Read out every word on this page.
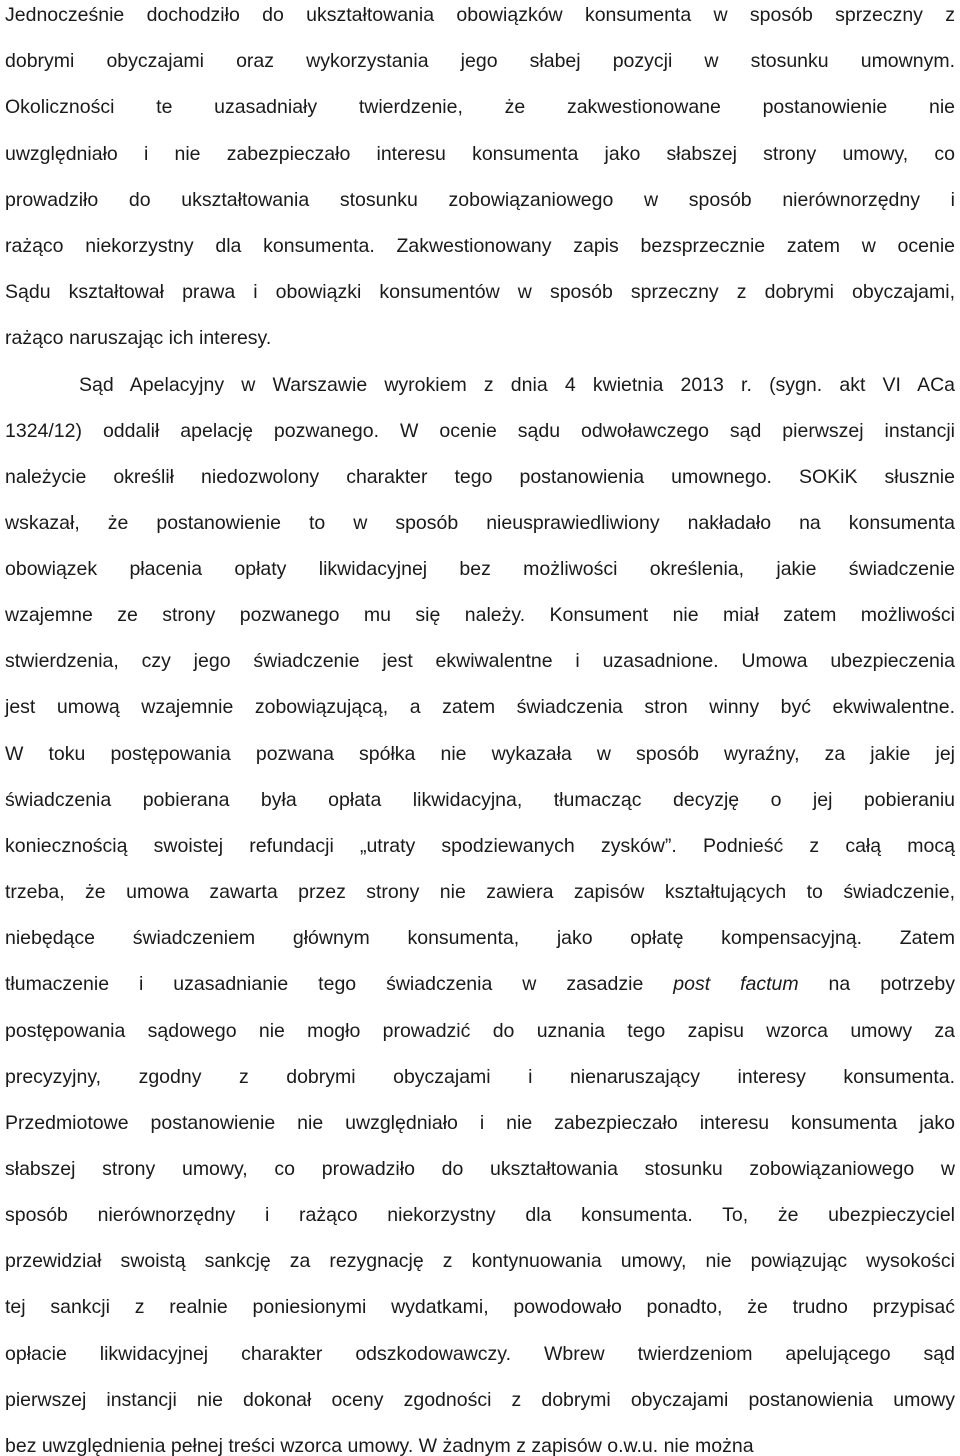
Jednocześnie dochodziło do ukształtowania obowiązków konsumenta w sposób sprzeczny z
dobrymi obyczajami oraz wykorzystania jego słabej pozycji w stosunku umownym.
Okoliczności te uzasadniały twierdzenie, że zakwestionowane postanowienie nie
uwzględniało i nie zabezpieczało interesu konsumenta jako słabszej strony umowy, co
prowadziło do ukształtowania stosunku zobowiązaniowego w sposób nierównorzędny i
rażąco niekorzystny dla konsumenta. Zakwestionowany zapis bezsprzecznie zatem w ocenie
Sądu kształtował prawa i obowiązki konsumentów w sposób sprzeczny z dobrymi obyczajami,
rażąco naruszając ich interesy.
Sąd Apelacyjny w Warszawie wyrokiem z dnia 4 kwietnia 2013 r. (sygn. akt VI ACa
1324/12) oddalił apelację pozwanego. W ocenie sądu odwoławczego sąd pierwszej instancji
należycie określił niedozwolony charakter tego postanowienia umownego. SOKiK słusznie
wskazał, że postanowienie to w sposób nieusprawiedliwiony nakładało na konsumenta
obowiązek płacenia opłaty likwidacyjnej bez możliwości określenia, jakie świadczenie
wzajemne ze strony pozwanego mu się należy. Konsument nie miał zatem możliwości
stwierdzenia, czy jego świadczenie jest ekwiwalentne i uzasadnione. Umowa ubezpieczenia
jest umową wzajemnie zobowiązującą, a zatem świadczenia stron winny być ekwiwalentne.
W toku postępowania pozwana spółka nie wykazała w sposób wyraźny, za jakie jej
świadczenia pobierana była opłata likwidacyjna, tłumacząc decyzję o jej pobieraniu
koniecznością swoistej refundacji „utraty spodziewanych zysków”. Podnieść z całą mocą
trzeba, że umowa zawarta przez strony nie zawiera zapisów kształtujących to świadczenie,
niebędące świadczeniem głównym konsumenta, jako opłatę kompensacyjną. Zatem
tłumaczenie i uzasadnianie tego świadczenia w zasadzie post factum na potrzeby
postępowania sądowego nie mogło prowadzić do uznania tego zapisu wzorca umowy za
precyzyjny, zgodny z dobrymi obyczajami i nienaruszający interesy konsumenta.
Przedmiotowe postanowienie nie uwzględniało i nie zabezpieczało interesu konsumenta jako
słabszej strony umowy, co prowadziło do ukształtowania stosunku zobowiązaniowego w
sposób nierównorzędny i rażąco niekorzystny dla konsumenta. To, że ubezpieczyciel
przewidział swoistą sankcję za rezygnację z kontynuowania umowy, nie powiązując wysokości
tej sankcji z realnie poniesionymi wydatkami, powodowało ponadto, że trudno przypisać
opłacie likwidacyjnej charakter odszkodowawczy. Wbrew twierdzeniom apelującego sąd
pierwszej instancji nie dokonał oceny zgodności z dobrymi obyczajami postanowienia umowy
bez uwzględnienia pełnej treści wzorca umowy. W żadnym z zapisów o.w.u. nie można
